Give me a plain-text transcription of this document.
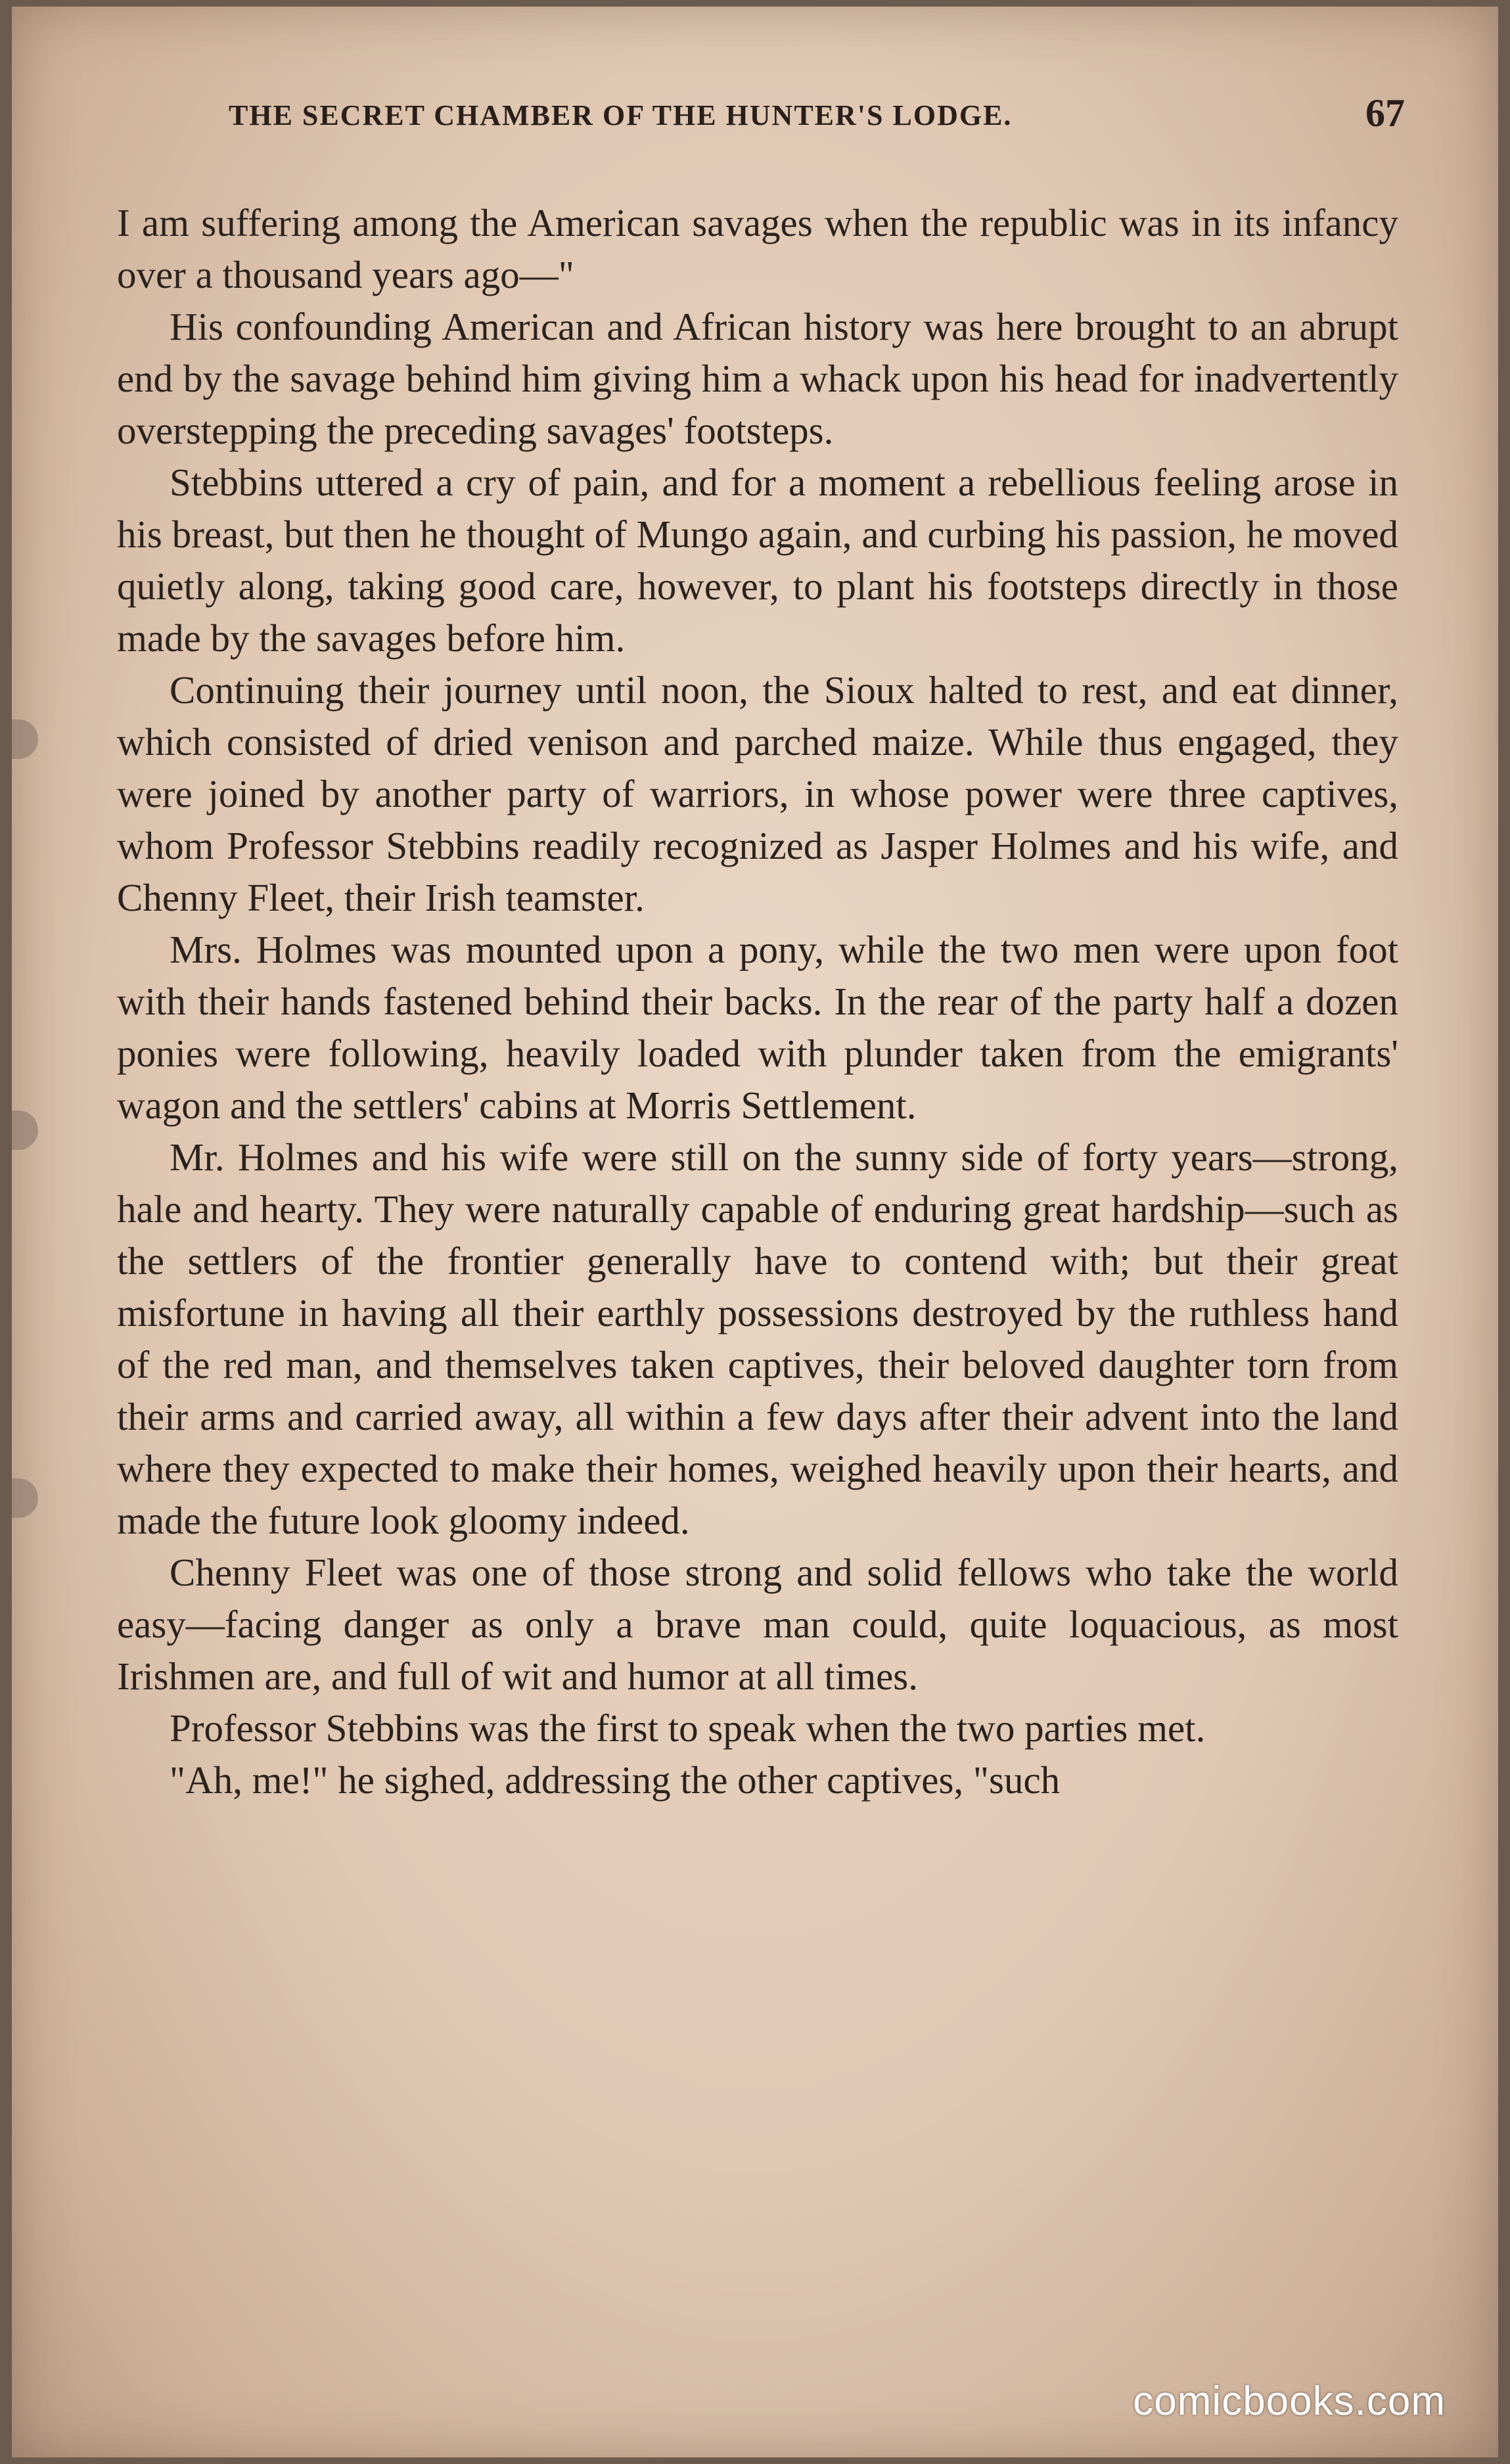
THE SECRET CHAMBER OF THE HUNTER'S LODGE.	67

I am suffering among the American savages when the republic was in its infancy over a thousand years ago—"

His confounding American and African history was here brought to an abrupt end by the savage behind him giving him a whack upon his head for inadvertently overstepping the preceding savages' footsteps.

Stebbins uttered a cry of pain, and for a moment a rebellious feeling arose in his breast, but then he thought of Mungo again, and curbing his passion, he moved quietly along, taking good care, however, to plant his footsteps directly in those made by the savages before him.

Continuing their journey until noon, the Sioux halted to rest, and eat dinner, which consisted of dried venison and parched maize. While thus engaged, they were joined by another party of warriors, in whose power were three captives, whom Professor Stebbins readily recognized as Jasper Holmes and his wife, and Chenny Fleet, their Irish teamster.

Mrs. Holmes was mounted upon a pony, while the two men were upon foot with their hands fastened behind their backs. In the rear of the party half a dozen ponies were following, heavily loaded with plunder taken from the emigrants' wagon and the settlers' cabins at Morris Settlement.

Mr. Holmes and his wife were still on the sunny side of forty years—strong, hale and hearty. They were naturally capable of enduring great hardship—such as the settlers of the frontier generally have to contend with; but their great misfortune in having all their earthly possessions destroyed by the ruthless hand of the red man, and themselves taken captives, their beloved daughter torn from their arms and carried away, all within a few days after their advent into the land where they expected to make their homes, weighed heavily upon their hearts, and made the future look gloomy indeed.

Chenny Fleet was one of those strong and solid fellows who take the world easy—facing danger as only a brave man could, quite loquacious, as most Irishmen are, and full of wit and humor at all times.

Professor Stebbins was the first to speak when the two parties met.

"Ah, me!" he sighed, addressing the other captives, "such

comicbooks.com
